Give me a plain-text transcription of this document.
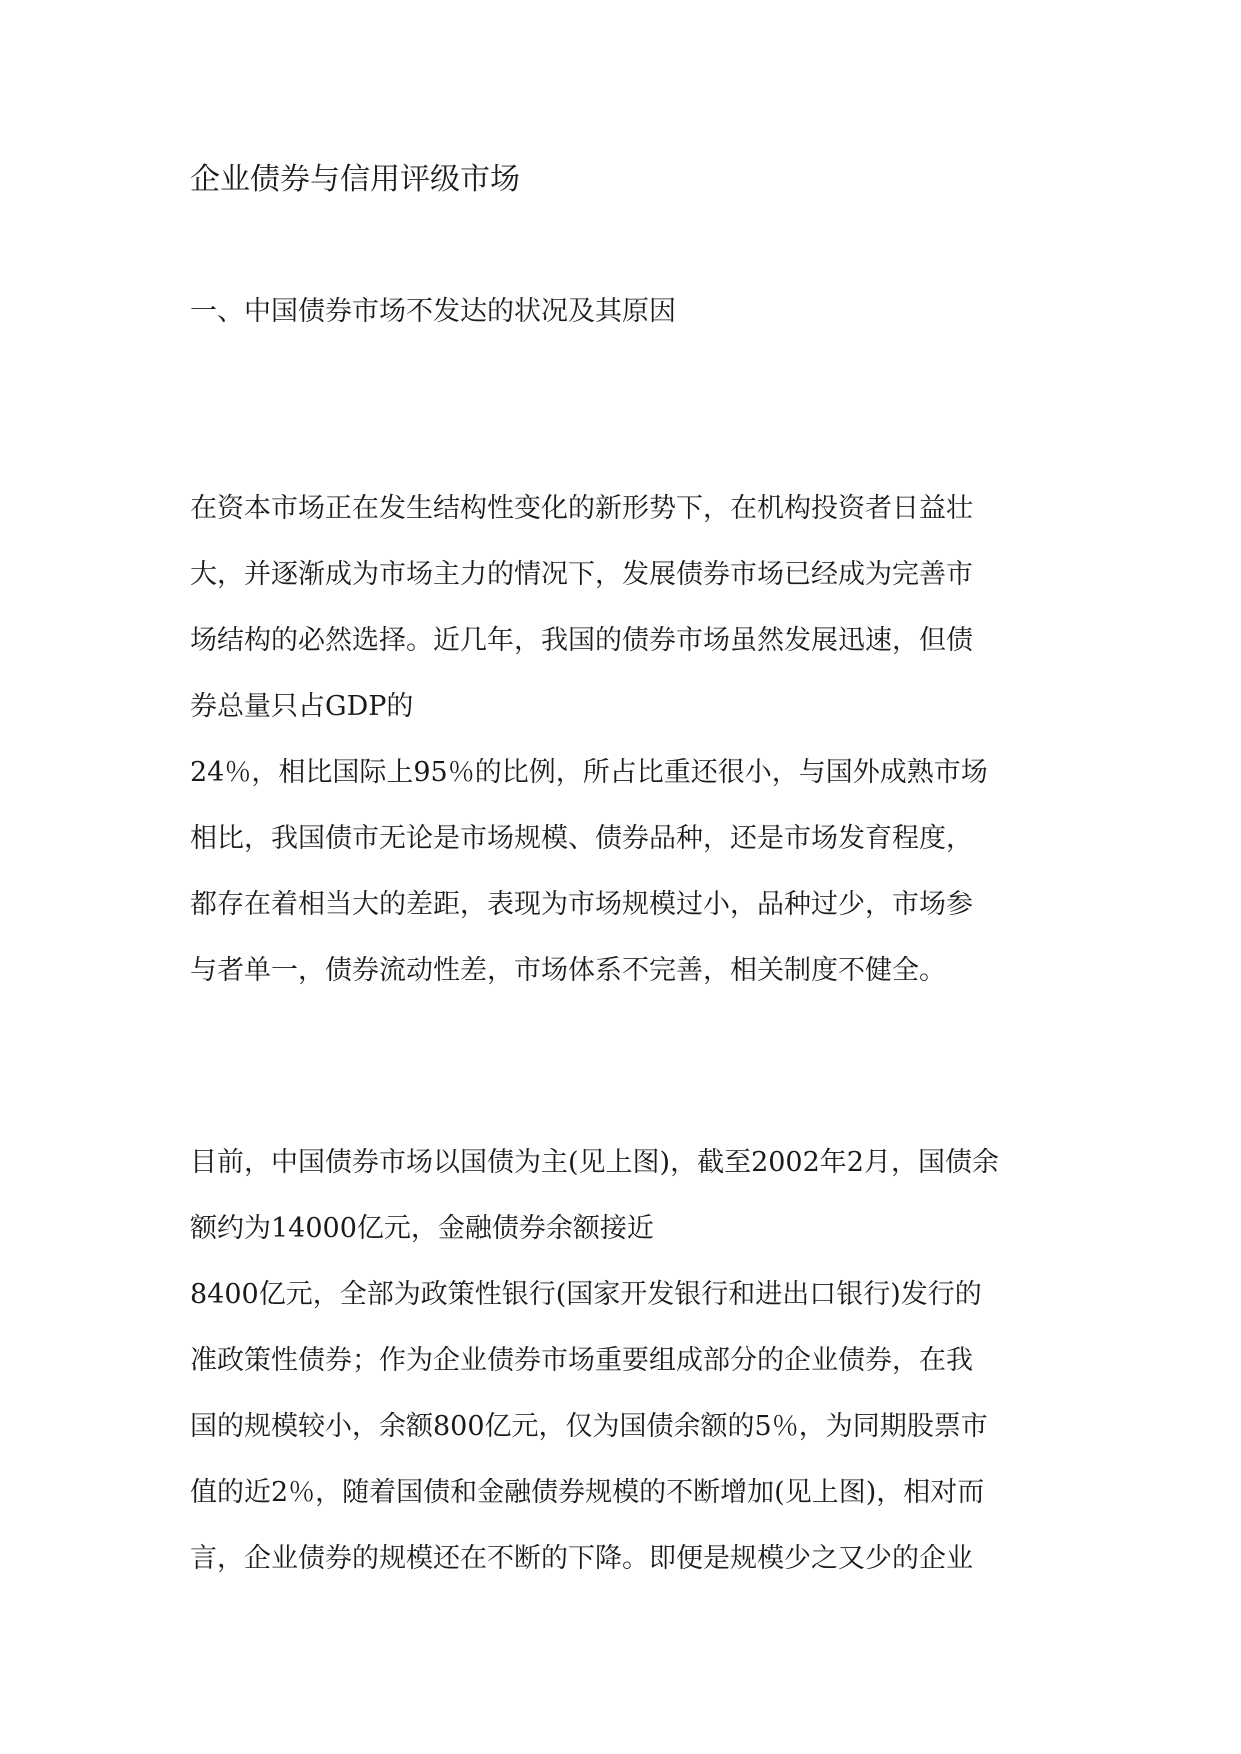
企业债券与信用评级市场
一、中国债券市场不发达的状况及其原因
在资本市场正在发生结构性变化的新形势下，在机构投资者日益壮
大，并逐渐成为市场主力的情况下，发展债券市场已经成为完善市
场结构的必然选择。近几年，我国的债券市场虽然发展迅速，但债
券总量只占GDP的
24％，相比国际上95％的比例，所占比重还很小，与国外成熟市场
相比，我国债市无论是市场规模、债券品种，还是市场发育程度，
都存在着相当大的差距，表现为市场规模过小，品种过少，市场参
与者单一，债券流动性差，市场体系不完善，相关制度不健全。
目前，中国债券市场以国债为主(见上图)，截至2002年2月，国债余
额约为14000亿元，金融债券余额接近
8400亿元，全部为政策性银行(国家开发银行和进出口银行)发行的
准政策性债券；作为企业债券市场重要组成部分的企业债券，在我
国的规模较小，余额800亿元，仅为国债余额的5％，为同期股票市
值的近2％，随着国债和金融债券规模的不断增加(见上图)，相对而
言，企业债券的规模还在不断的下降。即便是规模少之又少的企业
